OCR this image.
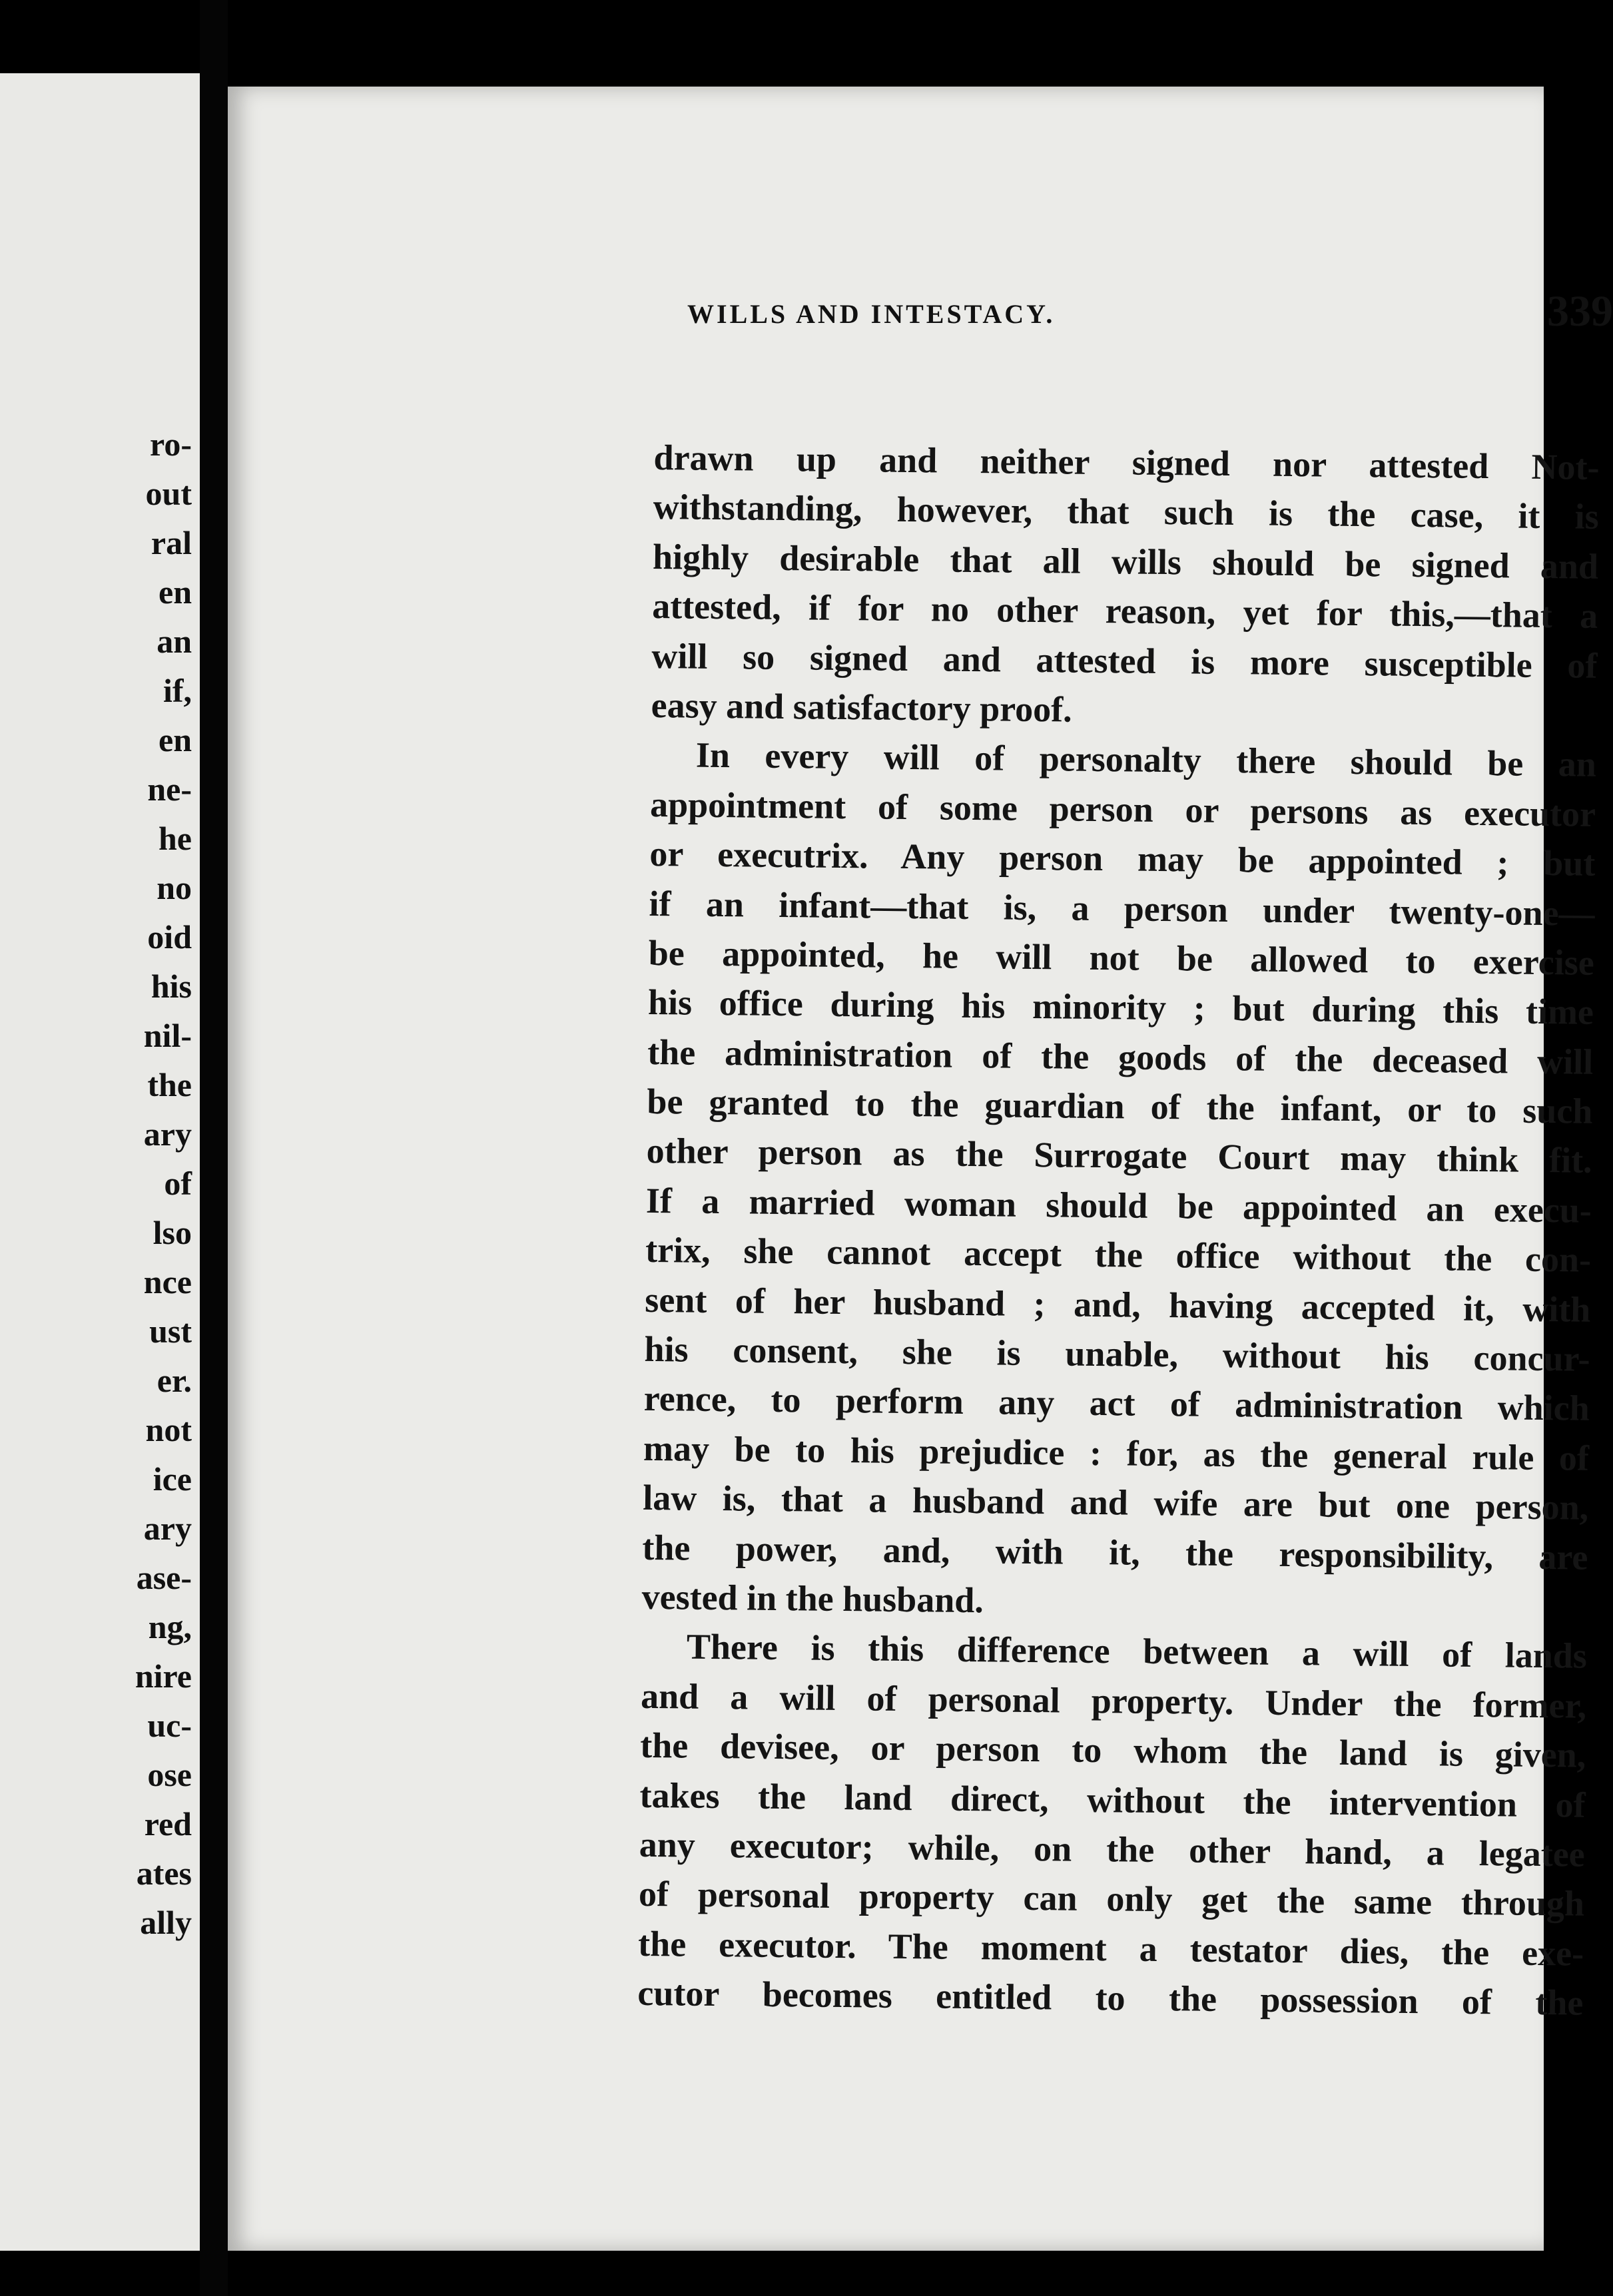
ro-
out
ral
en
an
if,
en
ne-
he
no
oid
his
nil-
the
ary
of
lso
nce
ust
er.
not
ice
ary
ase-
ng,
nire
uc-
ose
red
ates
ally
WILLS AND INTESTACY.	339
drawn up and neither signed nor attested Not-
withstanding, however, that such is the case, it is
highly desirable that all wills should be signed and
attested, if for no other reason, yet for this,—that a
will so signed and attested is more susceptible of
easy and satisfactory proof.
In every will of personalty there should be an
appointment of some person or persons as executor
or executrix. Any person may be appointed ; but
if an infant—that is, a person under twenty-one—
be appointed, he will not be allowed to exercise
his office during his minority ; but during this time
the administration of the goods of the deceased will
be granted to the guardian of the infant, or to such
other person as the Surrogate Court may think fit.
If a married woman should be appointed an execu-
trix, she cannot accept the office without the con-
sent of her husband ; and, having accepted it, with
his consent, she is unable, without his concur-
rence, to perform any act of administration which
may be to his prejudice : for, as the general rule of
law is, that a husband and wife are but one person,
the power, and, with it, the responsibility, are
vested in the husband.
There is this difference between a will of lands
and a will of personal property. Under the former,
the devisee, or person to whom the land is given,
takes the land direct, without the intervention of
any executor; while, on the other hand, a legatee
of personal property can only get the same through
the executor. The moment a testator dies, the exe-
cutor becomes entitled to the possession of the
